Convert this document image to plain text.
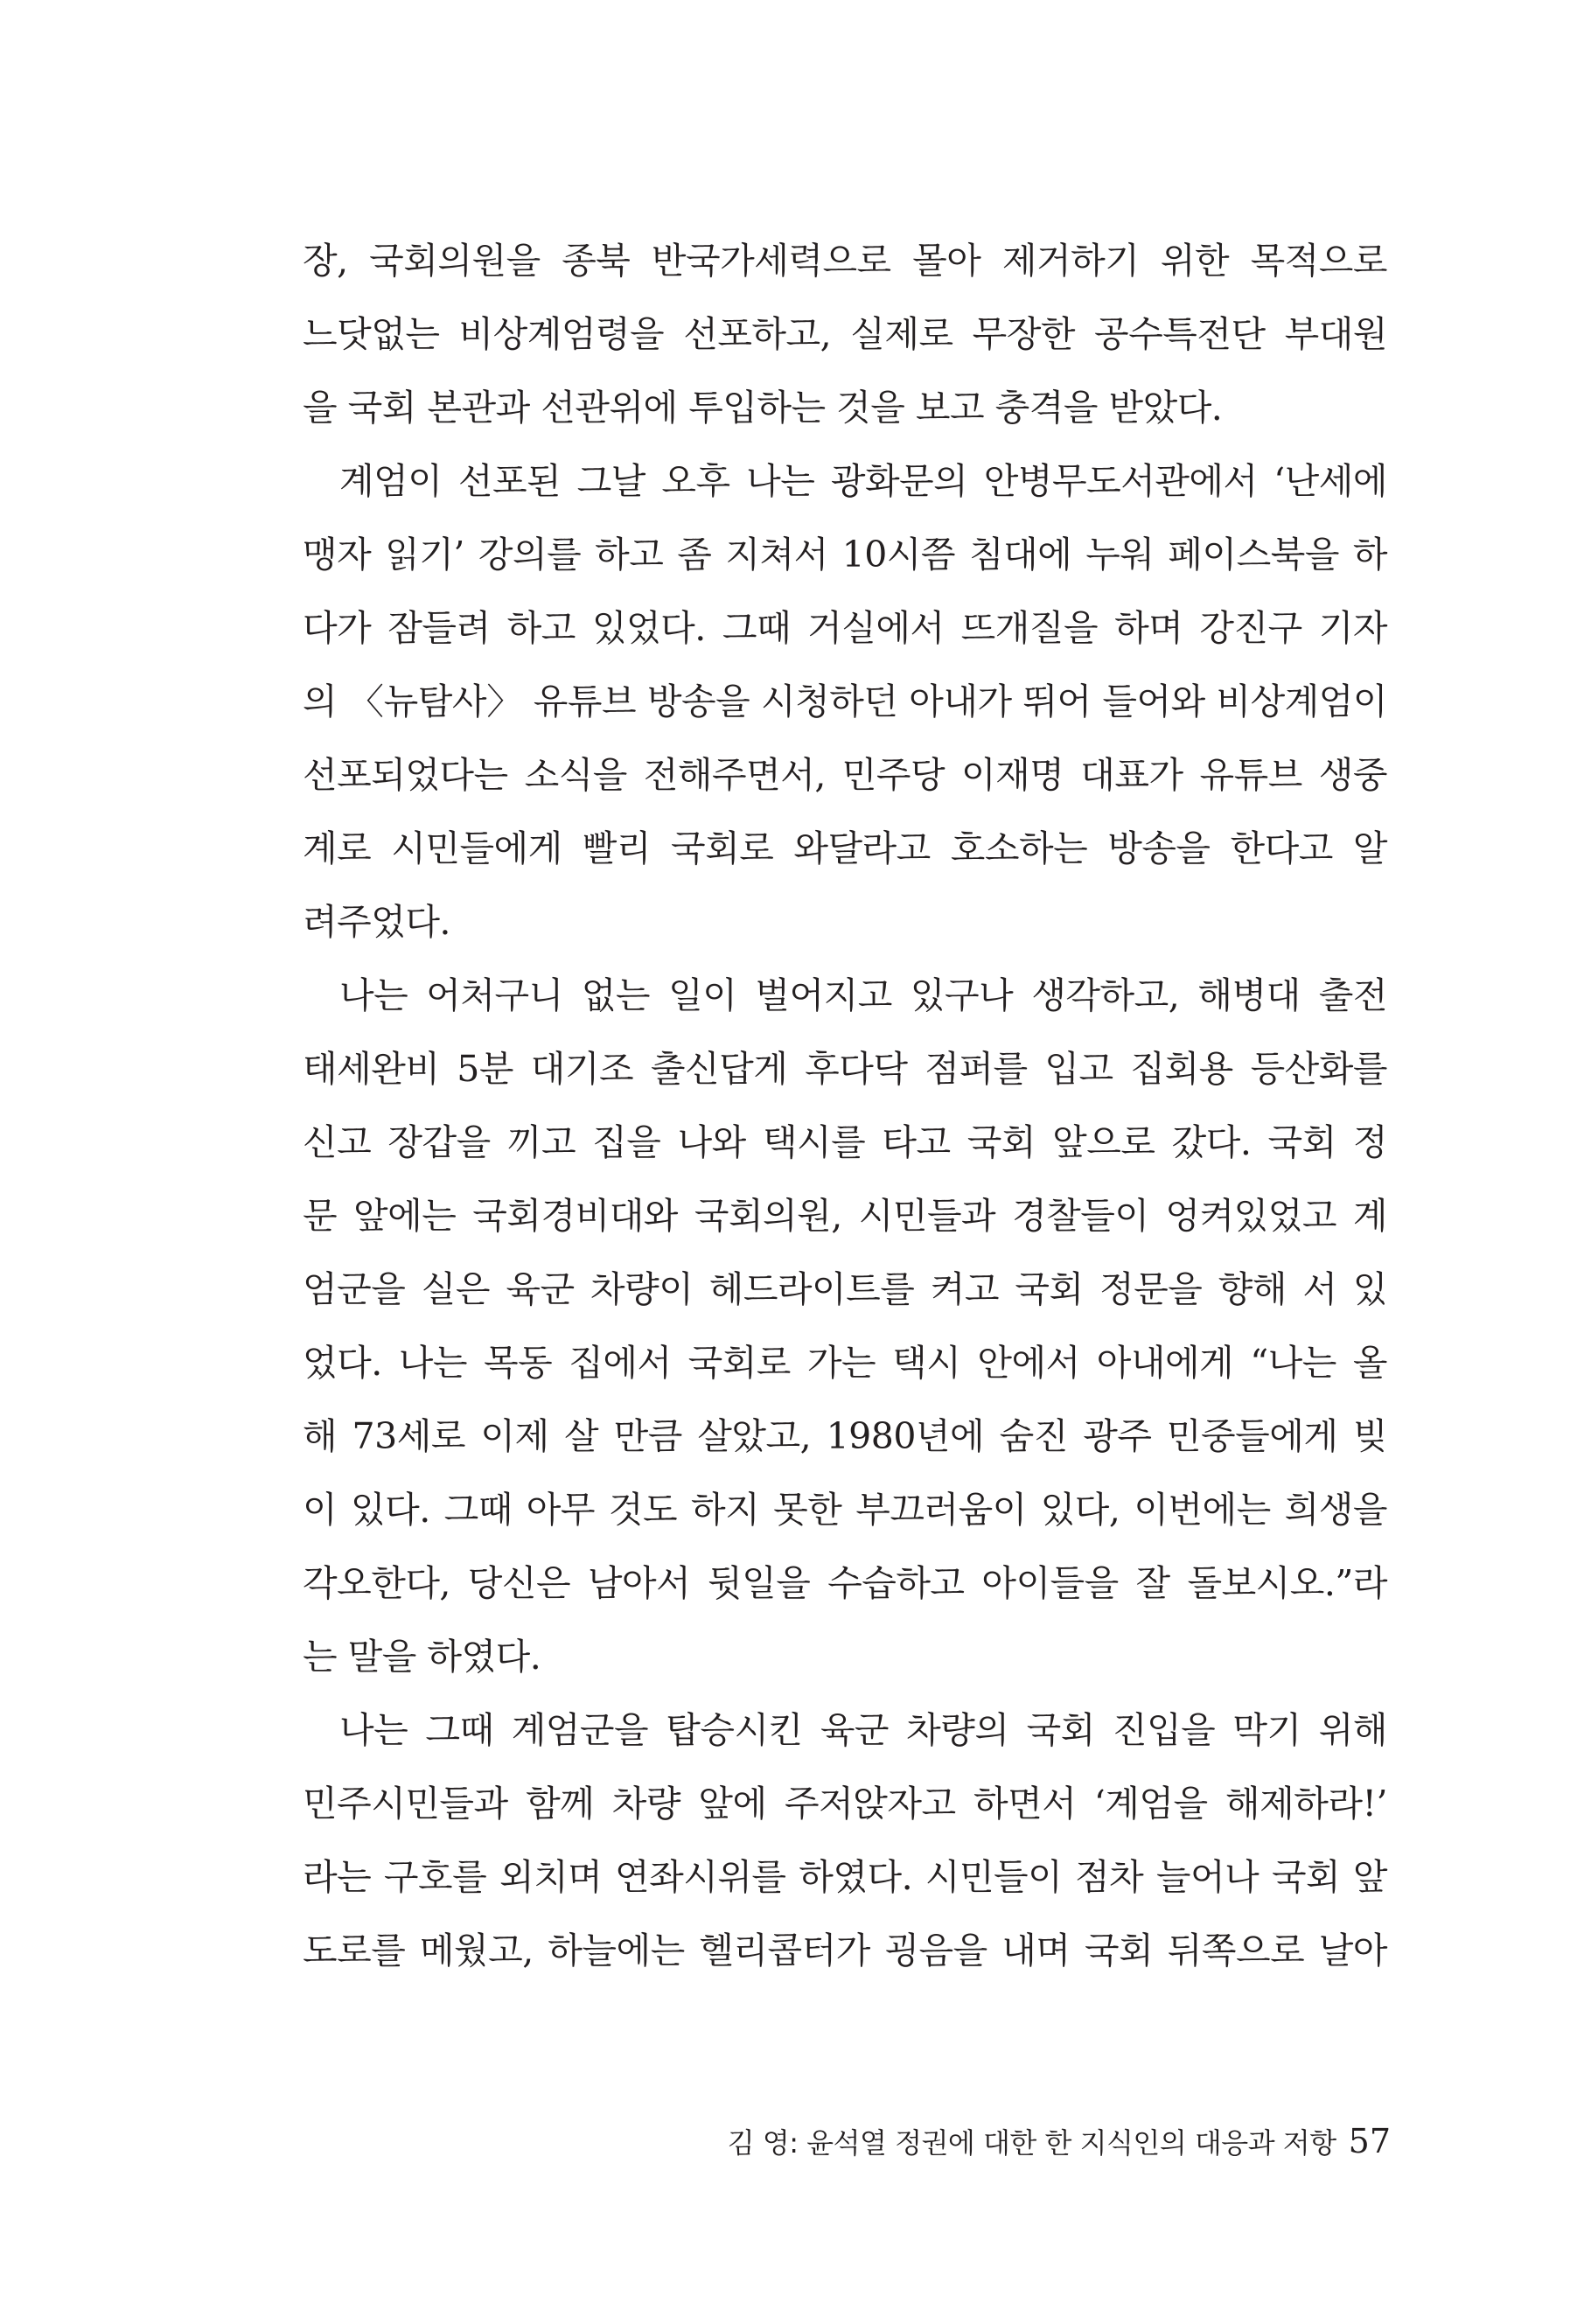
장, 국회의원을 종북 반국가세력으로 몰아 제거하기 위한 목적으로
느닷없는 비상계엄령을 선포하고, 실제로 무장한 공수특전단 부대원
을 국회 본관과 선관위에 투입하는 것을 보고 충격을 받았다.
계엄이 선포된 그날 오후 나는 광화문의 안병무도서관에서 ‘난세에
맹자 읽기’ 강의를 하고 좀 지쳐서 10시쯤 침대에 누워 페이스북을 하
다가 잠들려 하고 있었다. 그때 거실에서 뜨개질을 하며 강진구 기자
의 〈뉴탐사〉 유튜브 방송을 시청하던 아내가 뛰어 들어와 비상계엄이
선포되었다는 소식을 전해주면서, 민주당 이재명 대표가 유튜브 생중
계로 시민들에게 빨리 국회로 와달라고 호소하는 방송을 한다고 알
려주었다.
나는 어처구니 없는 일이 벌어지고 있구나 생각하고, 해병대 출전
태세완비 5분 대기조 출신답게 후다닥 점퍼를 입고 집회용 등산화를
신고 장갑을 끼고 집을 나와 택시를 타고 국회 앞으로 갔다. 국회 정
문 앞에는 국회경비대와 국회의원, 시민들과 경찰들이 엉켜있었고 계
엄군을 실은 육군 차량이 헤드라이트를 켜고 국회 정문을 향해 서 있
었다. 나는 목동 집에서 국회로 가는 택시 안에서 아내에게 “나는 올
해 73세로 이제 살 만큼 살았고, 1980년에 숨진 광주 민중들에게 빚
이 있다. 그때 아무 것도 하지 못한 부끄러움이 있다, 이번에는 희생을
각오한다, 당신은 남아서 뒷일을 수습하고 아이들을 잘 돌보시오.”라
는 말을 하였다.
나는 그때 계엄군을 탑승시킨 육군 차량의 국회 진입을 막기 위해
민주시민들과 함께 차량 앞에 주저앉자고 하면서 ‘계엄을 해제하라!’
라는 구호를 외치며 연좌시위를 하였다. 시민들이 점차 늘어나 국회 앞
도로를 메웠고, 하늘에는 헬리콥터가 굉음을 내며 국회 뒤쪽으로 날아
김 영: 윤석열 정권에 대한 한 지식인의 대응과 저항 57
